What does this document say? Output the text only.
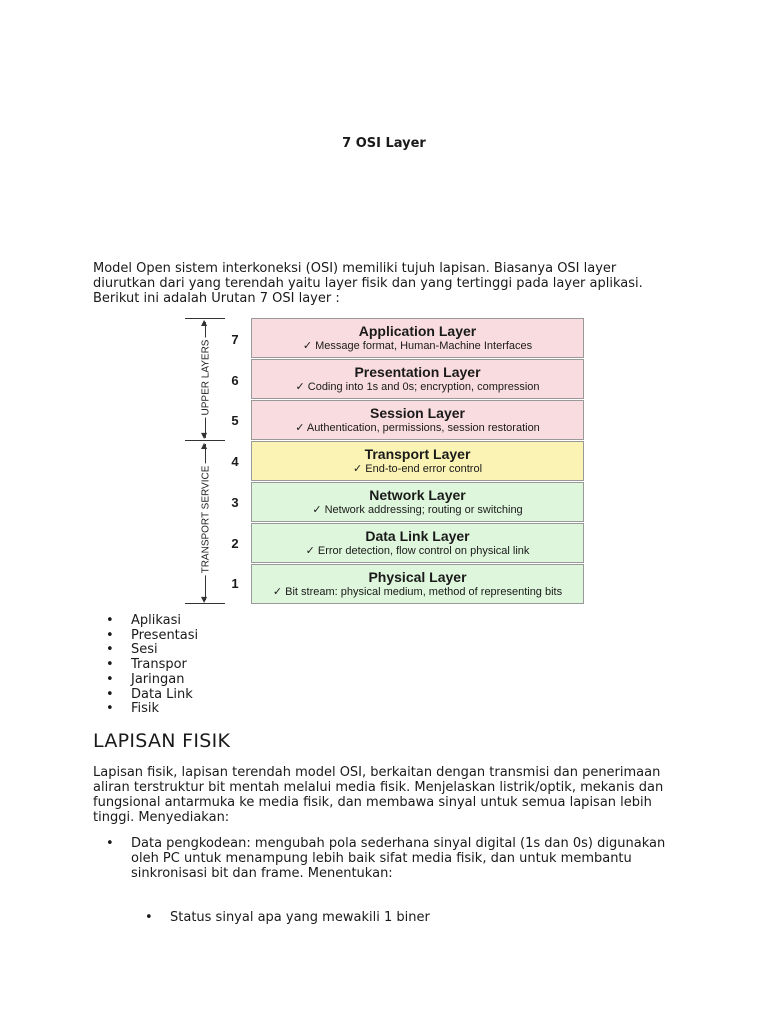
7 OSI Layer

Model Open sistem interkoneksi (OSI) memiliki tujuh lapisan. Biasanya OSI layer diurutkan dari yang terendah yaitu layer fisik dan yang tertinggi pada layer aplikasi. Berikut ini adalah Urutan 7 OSI layer :

▲
▼
▲
▼
UPPER LAYERS
TRANSPORT SERVICE
7
6
5
4
3
2
1
Application Layer
✓ Message format, Human-Machine Interfaces
Presentation Layer
✓ Coding into 1s and 0s; encryption, compression
Session Layer
✓ Authentication, permissions, session restoration
Transport Layer
✓ End-to-end error control
Network Layer
✓ Network addressing; routing or switching
Data Link Layer
✓ Error detection, flow control on physical link
Physical Layer
✓ Bit stream: physical medium, method of representing bits
• Aplikasi
• Presentasi
• Sesi
• Transpor
• Jaringan
• Data Link
• Fisik
LAPISAN FISIK

Lapisan fisik, lapisan terendah model OSI, berkaitan dengan transmisi dan penerimaan aliran terstruktur bit mentah melalui media fisik. Menjelaskan listrik/optik, mekanis dan fungsional antarmuka ke media fisik, dan membawa sinyal untuk semua lapisan lebih tinggi. Menyediakan:

• Data pengkodean: mengubah pola sederhana sinyal digital (1s dan 0s) digunakan oleh PC untuk menampung lebih baik sifat media fisik, dan untuk membantu sinkronisasi bit dan frame. Menentukan:
• Status sinyal apa yang mewakili 1 biner
